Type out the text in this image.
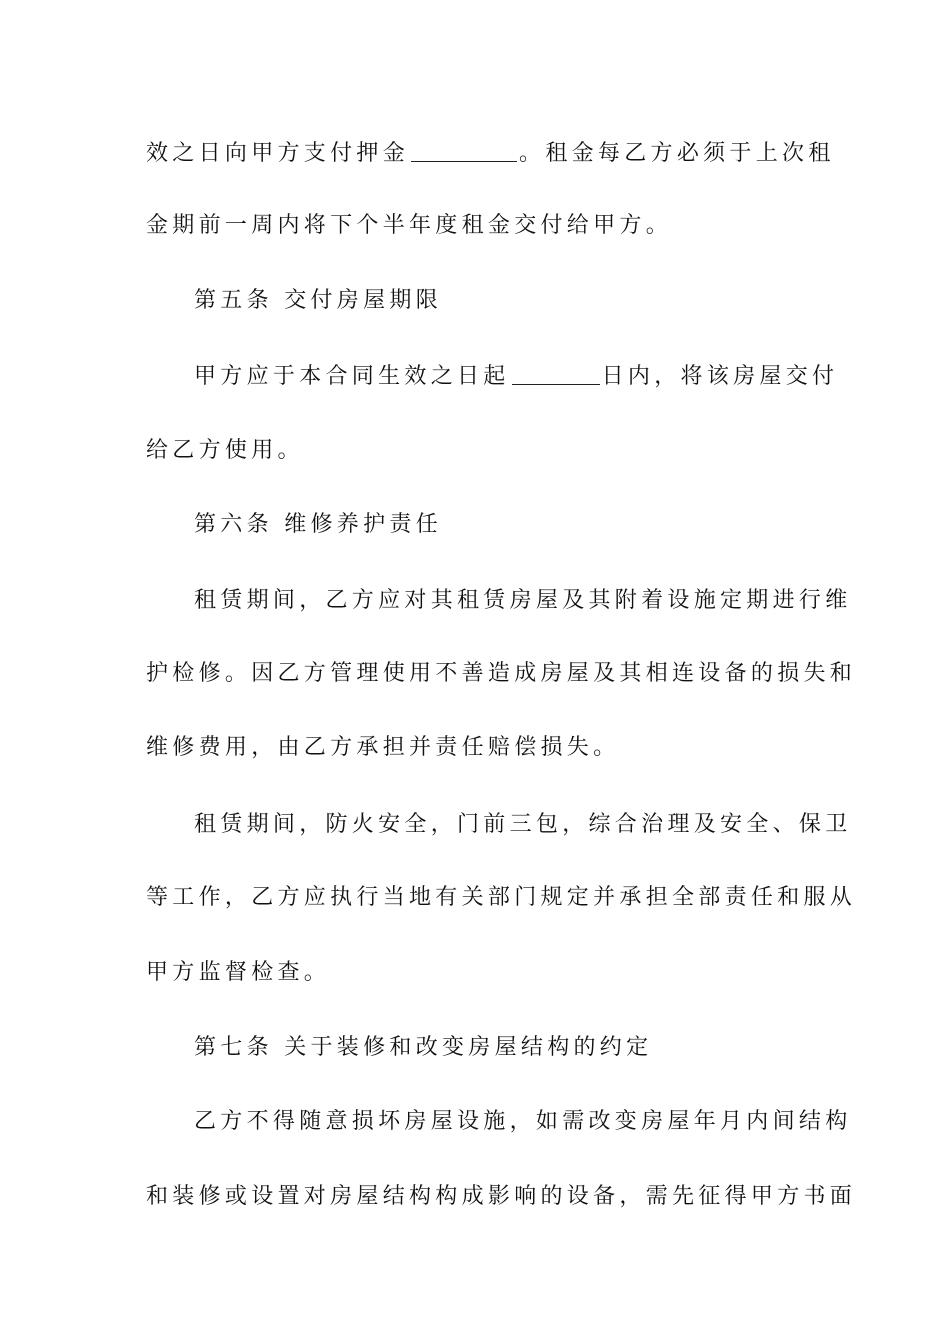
效之日向甲方支付押金	。租金每乙方必须于上次租
金期前一周内将下个半年度租金交付给甲方。
第五条 交付房屋期限
甲方应于本合同生效之日起	日内，将该房屋交付
给乙方使用。
第六条 维修养护责任
租赁期间，乙方应对其租赁房屋及其附着设施定期进行维
护检修。因乙方管理使用不善造成房屋及其相连设备的损失和
维修费用，由乙方承担并责任赔偿损失。
租赁期间，防火安全，门前三包，综合治理及安全、保卫
等工作，乙方应执行当地有关部门规定并承担全部责任和服从
甲方监督检查。
第七条 关于装修和改变房屋结构的约定
乙方不得随意损坏房屋设施，如需改变房屋年月内间结构
和装修或设置对房屋结构构成影响的设备，需先征得甲方书面
